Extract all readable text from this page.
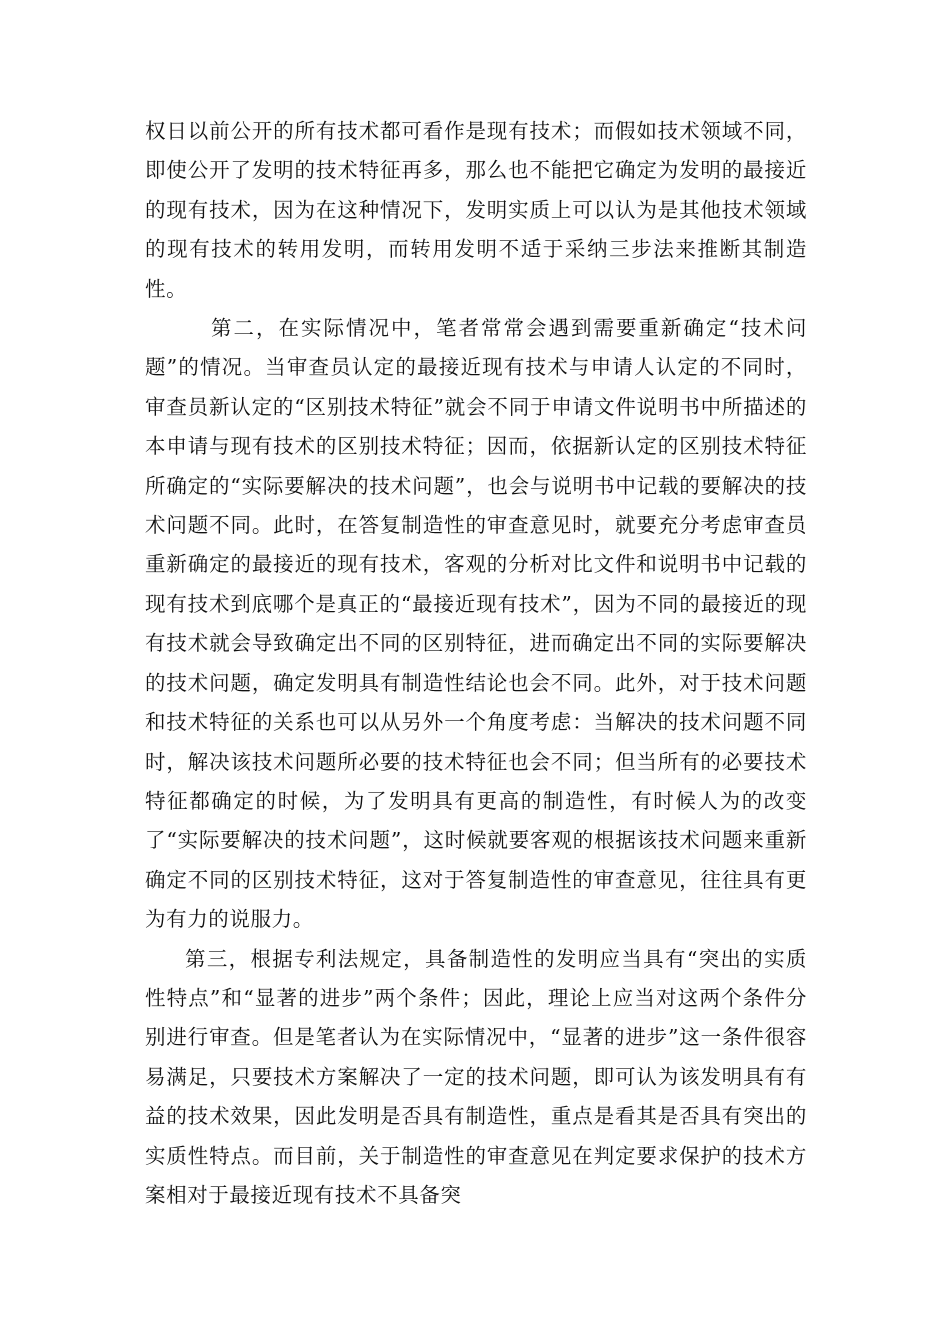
权日以前公开的所有技术都可看作是现有技术；而假如技术领域不同，即使公开了发明的技术特征再多，那么也不能把它确定为发明的最接近的现有技术，因为在这种情况下，发明实质上可以认为是其他技术领域的现有技术的转用发明，而转用发明不适于采纳三步法来推断其制造性。

第二，在实际情况中，笔者常常会遇到需要重新确定“技术问题”的情况。当审查员认定的最接近现有技术与申请人认定的不同时，审查员新认定的“区别技术特征”就会不同于申请文件说明书中所描述的本申请与现有技术的区别技术特征；因而，依据新认定的区别技术特征所确定的“实际要解决的技术问题”，也会与说明书中记载的要解决的技术问题不同。此时，在答复制造性的审查意见时，就要充分考虑审查员重新确定的最接近的现有技术，客观的分析对比文件和说明书中记载的现有技术到底哪个是真正的“最接近现有技术”，因为不同的最接近的现有技术就会导致确定出不同的区别特征，进而确定出不同的实际要解决的技术问题，确定发明具有制造性结论也会不同。此外，对于技术问题和技术特征的关系也可以从另外一个角度考虑：当解决的技术问题不同时，解决该技术问题所必要的技术特征也会不同；但当所有的必要技术特征都确定的时候，为了发明具有更高的制造性，有时候人为的改变了“实际要解决的技术问题”，这时候就要客观的根据该技术问题来重新确定不同的区别技术特征，这对于答复制造性的审查意见，往往具有更为有力的说服力。

第三，根据专利法规定，具备制造性的发明应当具有“突出的实质性特点”和“显著的进步”两个条件；因此，理论上应当对这两个条件分别进行审查。但是笔者认为在实际情况中，“显著的进步”这一条件很容易满足，只要技术方案解决了一定的技术问题，即可认为该发明具有有益的技术效果，因此发明是否具有制造性，重点是看其是否具有突出的实质性特点。而目前，关于制造性的审查意见在判定要求保护的技术方案相对于最接近现有技术不具备突
